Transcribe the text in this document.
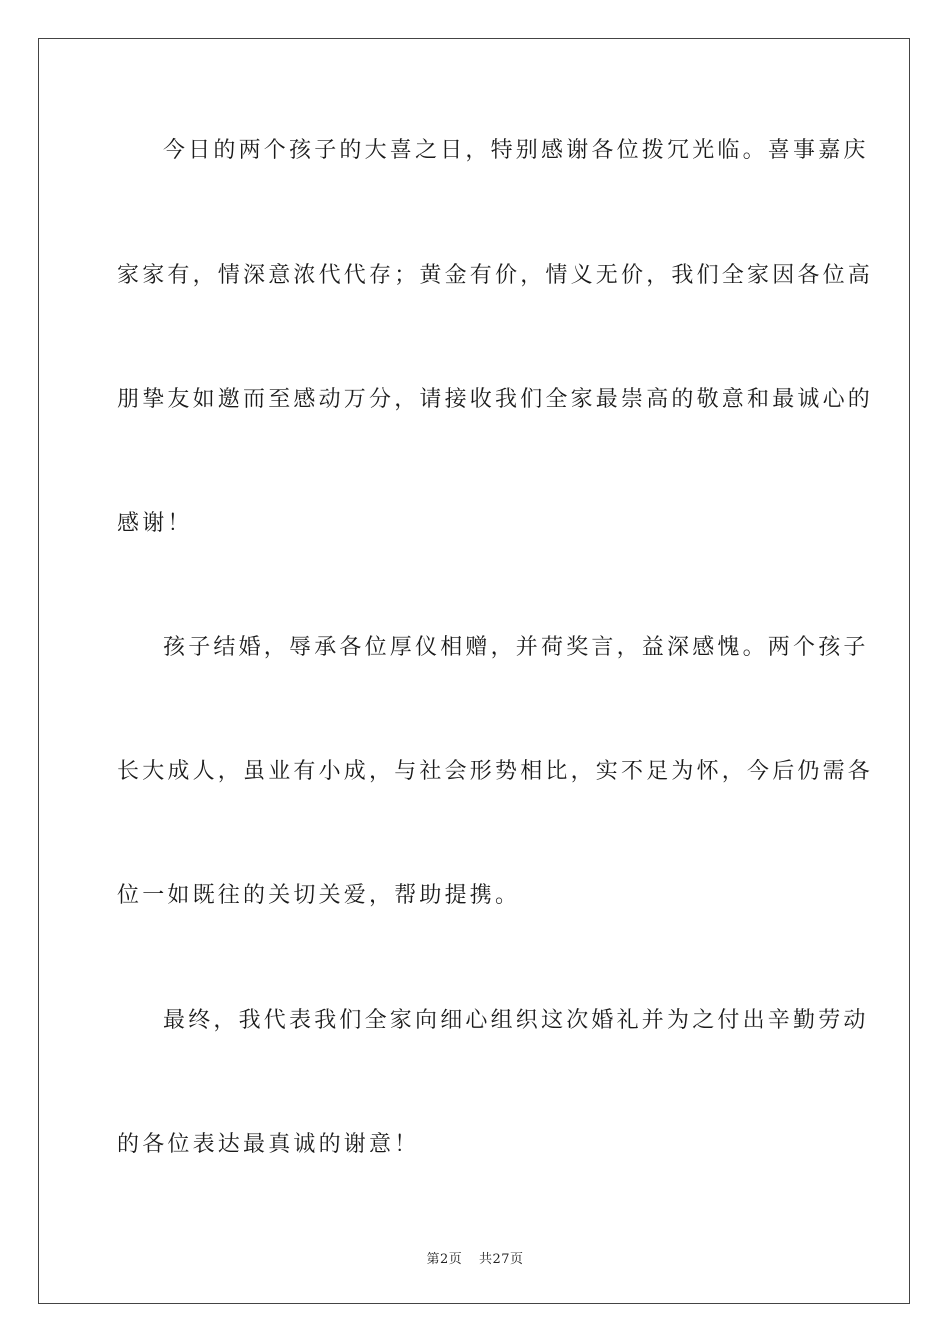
今日的两个孩子的大喜之日，特别感谢各位拨冗光临。喜事嘉庆
家家有，情深意浓代代存；黄金有价，情义无价，我们全家因各位高
朋挚友如邀而至感动万分，请接收我们全家最崇高的敬意和最诚心的
感谢！
孩子结婚，辱承各位厚仪相赠，并荷奖言，益深感愧。两个孩子
长大成人，虽业有小成，与社会形势相比，实不足为怀，今后仍需各
位一如既往的关切关爱，帮助提携。
最终，我代表我们全家向细心组织这次婚礼并为之付出辛勤劳动
的各位表达最真诚的谢意！
第2页 共27页
